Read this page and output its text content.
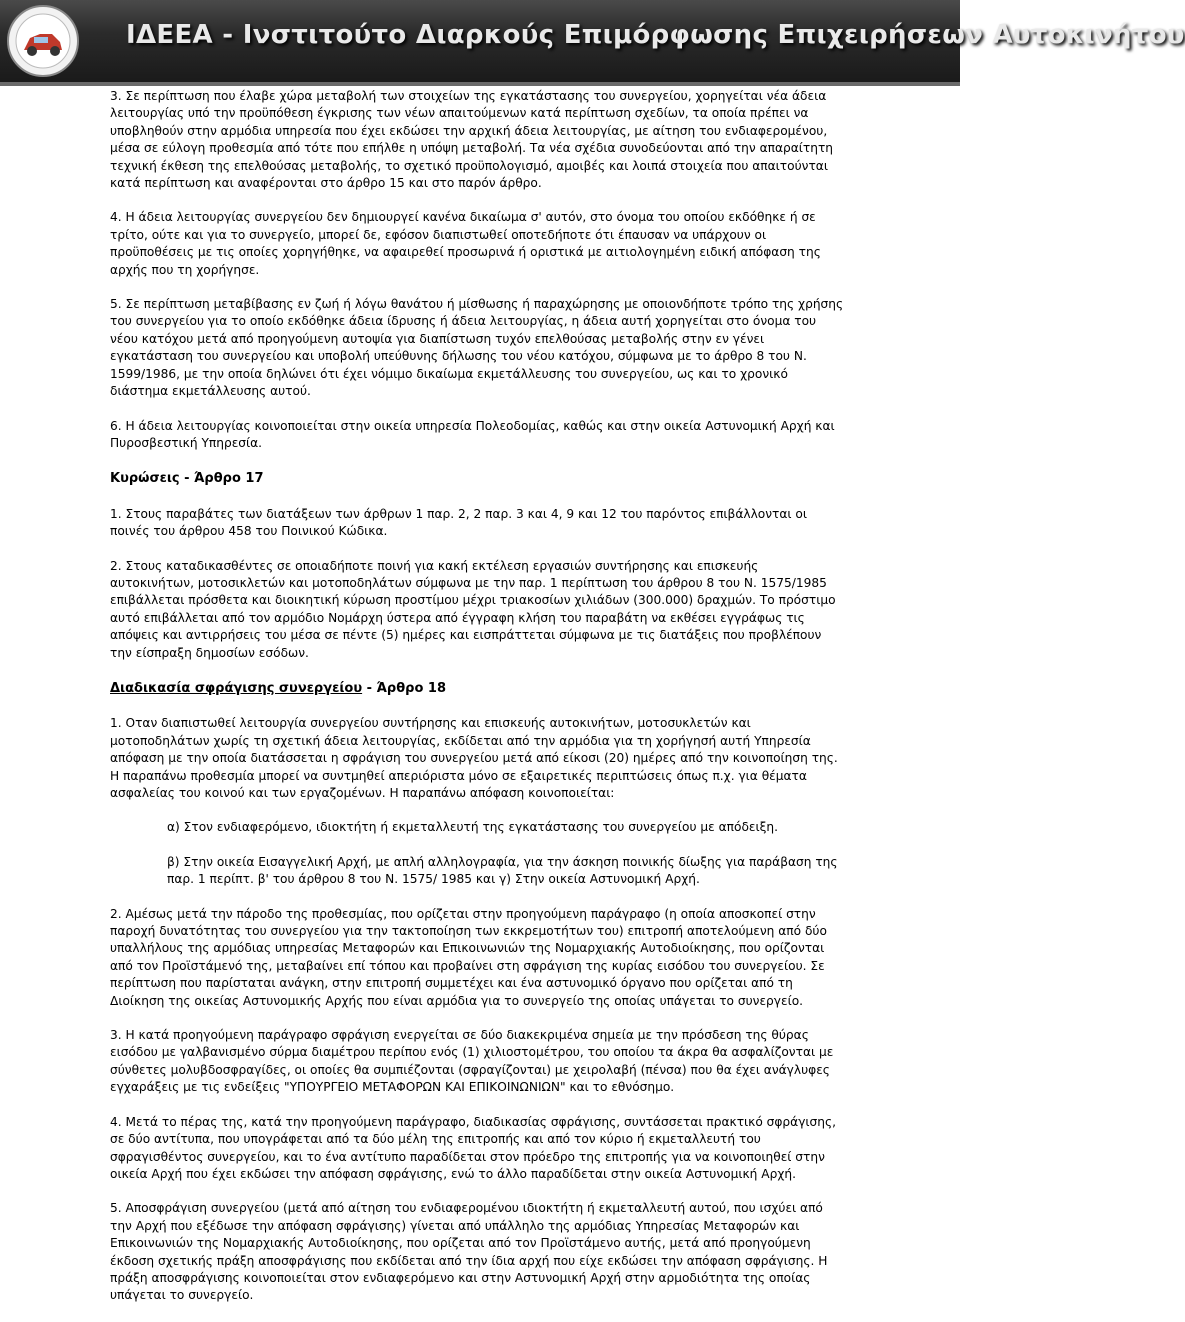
ΙΔΕΕΑ - Ινστιτούτο Διαρκούς Επιμόρφωσης Επιχειρήσεων Αυτοκινήτου

3. Σε περίπτωση που έλαβε χώρα μεταβολή των στοιχείων της εγκατάστασης του συνεργείου, χορηγείται νέα άδεια λειτουργίας υπό την προϋπόθεση έγκρισης των νέων απαιτούμενων κατά περίπτωση σχεδίων, τα οποία πρέπει να υποβληθούν στην αρμόδια υπηρεσία που έχει εκδώσει την αρχική άδεια λειτουργίας, με αίτηση του ενδιαφερομένου, μέσα σε εύλογη προθεσμία από τότε που επήλθε η υπόψη μεταβολή. Τα νέα σχέδια συνοδεύονται από την απαραίτητη τεχνική έκθεση της επελθούσας μεταβολής, το σχετικό προϋπολογισμό, αμοιβές και λοιπά στοιχεία που απαιτούνται κατά περίπτωση και αναφέρονται στο άρθρο 15 και στο παρόν άρθρο.

4. Η άδεια λειτουργίας συνεργείου δεν δημιουργεί κανένα δικαίωμα σ' αυτόν, στο όνομα του οποίου εκδόθηκε ή σε τρίτο, ούτε και για το συνεργείο, μπορεί δε, εφόσον διαπιστωθεί οποτεδήποτε ότι έπαυσαν να υπάρχουν οι προϋποθέσεις με τις οποίες χορηγήθηκε, να αφαιρεθεί προσωρινά ή οριστικά με αιτιολογημένη ειδική απόφαση της αρχής που τη χορήγησε.

5. Σε περίπτωση μεταβίβασης εν ζωή ή λόγω θανάτου ή μίσθωσης ή παραχώρησης με οποιονδήποτε τρόπο της χρήσης του συνεργείου για το οποίο εκδόθηκε άδεια ίδρυσης ή άδεια λειτουργίας, η άδεια αυτή χορηγείται στο όνομα του νέου κατόχου μετά από προηγούμενη αυτοψία για διαπίστωση τυχόν επελθούσας μεταβολής στην εν γένει εγκατάσταση του συνεργείου και υποβολή υπεύθυνης δήλωσης του νέου κατόχου, σύμφωνα με το άρθρο 8 του Ν. 1599/1986, με την οποία δηλώνει ότι έχει νόμιμο δικαίωμα εκμετάλλευσης του συνεργείου, ως και το χρονικό διάστημα εκμετάλλευσης αυτού.

6. Η άδεια λειτουργίας κοινοποιείται στην οικεία υπηρεσία Πολεοδομίας, καθώς και στην οικεία Αστυνομική Αρχή και Πυροσβεστική Υπηρεσία.

Κυρώσεις - Άρθρο 17

1. Στους παραβάτες των διατάξεων των άρθρων 1 παρ. 2, 2 παρ. 3 και 4, 9 και 12 του παρόντος επιβάλλονται οι ποινές του άρθρου 458 του Ποινικού Κώδικα.

2. Στους καταδικασθέντες σε οποιαδήποτε ποινή για κακή εκτέλεση εργασιών συντήρησης και επισκευής αυτοκινήτων, μοτοσικλετών και μοτοποδηλάτων σύμφωνα με την παρ. 1 περίπτωση του άρθρου 8 του Ν. 1575/1985 επιβάλλεται πρόσθετα και διοικητική κύρωση προστίμου μέχρι τριακοσίων χιλιάδων (300.000) δραχμών. Το πρόστιμο αυτό επιβάλλεται από τον αρμόδιο Νομάρχη ύστερα από έγγραφη κλήση του παραβάτη να εκθέσει εγγράφως τις απόψεις και αντιρρήσεις του μέσα σε πέντε (5) ημέρες και εισπράττεται σύμφωνα με τις διατάξεις που προβλέπουν την είσπραξη δημοσίων εσόδων.

Διαδικασία σφράγισης συνεργείου - Άρθρο 18

1. Οταν διαπιστωθεί λειτουργία συνεργείου συντήρησης και επισκευής αυτοκινήτων, μοτοσυκλετών και μοτοποδηλάτων χωρίς τη σχετική άδεια λειτουργίας, εκδίδεται από την αρμόδια για τη χορήγησή αυτή Υπηρεσία απόφαση με την οποία διατάσσεται η σφράγιση του συνεργείου μετά από είκοσι (20) ημέρες από την κοινοποίηση της. Η παραπάνω προθεσμία μπορεί να συντμηθεί απεριόριστα μόνο σε εξαιρετικές περιπτώσεις όπως π.χ. για θέματα ασφαλείας του κοινού και των εργαζομένων. Η παραπάνω απόφαση κοινοποιείται:

α) Στον ενδιαφερόμενο, ιδιοκτήτη ή εκμεταλλευτή της εγκατάστασης του συνεργείου με απόδειξη.

β) Στην οικεία Εισαγγελική Αρχή, με απλή αλληλογραφία, για την άσκηση ποινικής δίωξης για παράβαση της παρ. 1 περίπτ. β' του άρθρου 8 του Ν. 1575/ 1985 και γ) Στην οικεία Αστυνομική Αρχή.

2. Αμέσως μετά την πάροδο της προθεσμίας, που ορίζεται στην προηγούμενη παράγραφο (η οποία αποσκοπεί στην παροχή δυνατότητας του συνεργείου για την τακτοποίηση των εκκρεμοτήτων του) επιτροπή αποτελούμενη από δύο υπαλλήλους της αρμόδιας υπηρεσίας Μεταφορών και Επικοινωνιών της Νομαρχιακής Αυτοδιοίκησης, που ορίζονται από τον Προϊστάμενό της, μεταβαίνει επί τόπου και προβαίνει στη σφράγιση της κυρίας εισόδου του συνεργείου. Σε περίπτωση που παρίσταται ανάγκη, στην επιτροπή συμμετέχει και ένα αστυνομικό όργανο που ορίζεται από τη Διοίκηση της οικείας Αστυνομικής Αρχής που είναι αρμόδια για το συνεργείο της οποίας υπάγεται το συνεργείο.

3. Η κατά προηγούμενη παράγραφο σφράγιση ενεργείται σε δύο διακεκριμένα σημεία με την πρόσδεση της θύρας εισόδου με γαλβανισμένο σύρμα διαμέτρου περίπου ενός (1) χιλιοστομέτρου, του οποίου τα άκρα θα ασφαλίζονται με σύνθετες μολυβδοσφραγίδες, οι οποίες θα συμπιέζονται (σφραγίζονται) με χειρολαβή (πένσα) που θα έχει ανάγλυφες εγχαράξεις με τις ενδείξεις "ΥΠΟΥΡΓΕΙΟ ΜΕΤΑΦΟΡΩΝ ΚΑΙ ΕΠΙΚΟΙΝΩΝΙΩΝ" και το εθνόσημο.

4. Μετά το πέρας της, κατά την προηγούμενη παράγραφο, διαδικασίας σφράγισης, συντάσσεται πρακτικό σφράγισης, σε δύο αντίτυπα, που υπογράφεται από τα δύο μέλη της επιτροπής και από τον κύριο ή εκμεταλλευτή του σφραγισθέντος συνεργείου, και το ένα αντίτυπο παραδίδεται στον πρόεδρο της επιτροπής για να κοινοποιηθεί στην οικεία Αρχή που έχει εκδώσει την απόφαση σφράγισης, ενώ το άλλο παραδίδεται στην οικεία Αστυνομική Αρχή.

5. Αποσφράγιση συνεργείου (μετά από αίτηση του ενδιαφερομένου ιδιοκτήτη ή εκμεταλλευτή αυτού, που ισχύει από την Αρχή που εξέδωσε την απόφαση σφράγισης) γίνεται από υπάλληλο της αρμόδιας Υπηρεσίας Μεταφορών και Επικοινωνιών της Νομαρχιακής Αυτοδιοίκησης, που ορίζεται από τον Προϊστάμενο αυτής, μετά από προηγούμενη έκδοση σχετικής πράξη αποσφράγισης που εκδίδεται από την ίδια αρχή που είχε εκδώσει την απόφαση σφράγισης. Η πράξη αποσφράγισης κοινοποιείται στον ενδιαφερόμενο και στην Αστυνομική Αρχή στην αρμοδιότητα της οποίας υπάγεται το συνεργείο.
